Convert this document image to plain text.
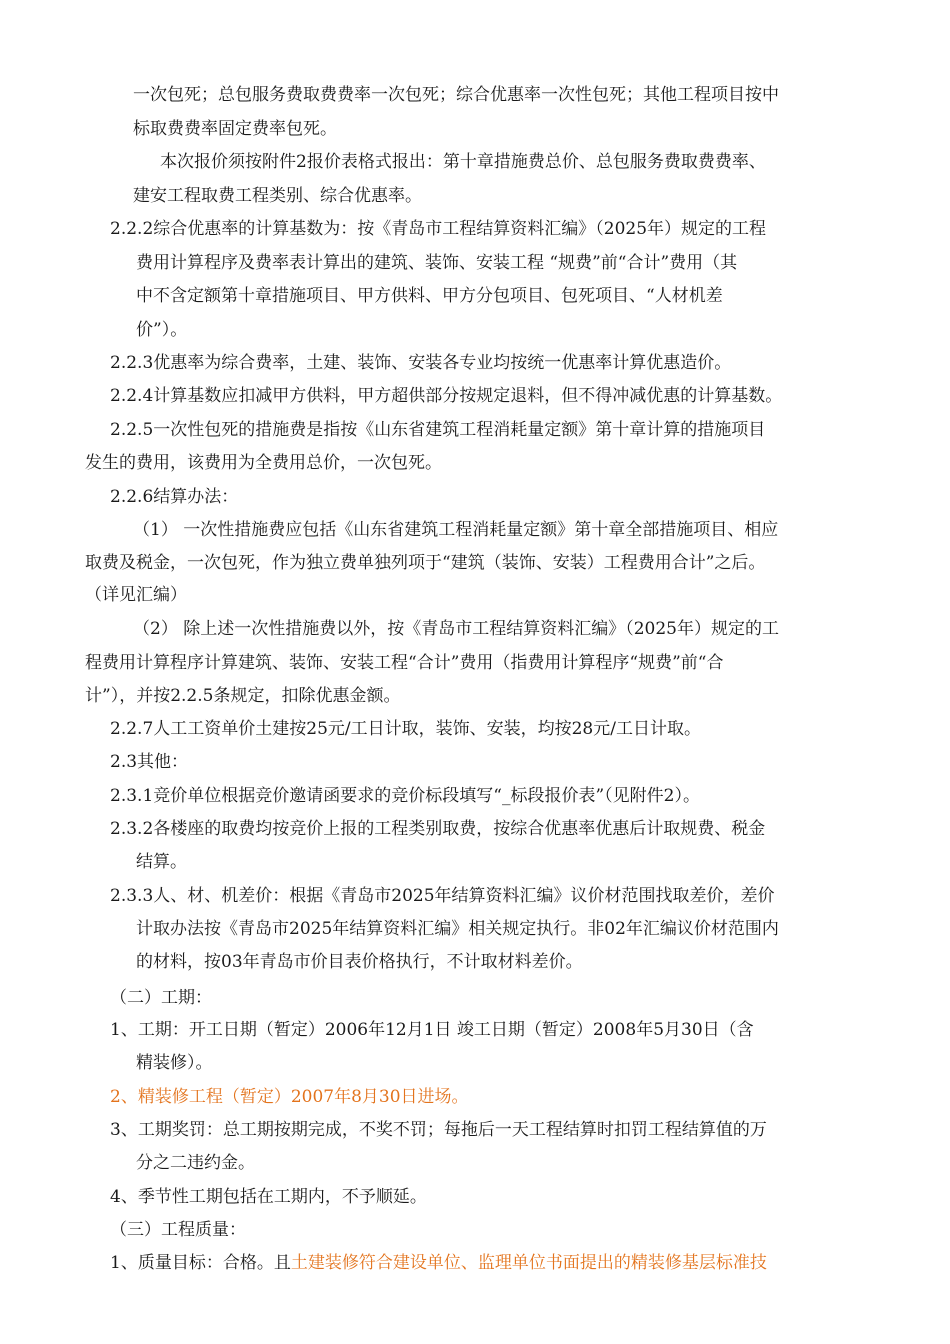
一次包死；总包服务费取费费率一次包死；综合优惠率一次性包死；其他工程项目按中

标取费费率固定费率包死。

本次报价须按附件2报价表格式报出：第十章措施费总价、总包服务费取费费率、

建安工程取费工程类别、综合优惠率。

2.2.2综合优惠率的计算基数为：按《青岛市工程结算资料汇编》（2025年）规定的工程

费用计算程序及费率表计算出的建筑、装饰、安装工程 “规费”前“合计”费用（其

中不含定额第十章措施项目、甲方供料、甲方分包项目、包死项目、“人材机差

价”）。

2.2.3优惠率为综合费率，土建、装饰、安装各专业均按统一优惠率计算优惠造价。

2.2.4计算基数应扣减甲方供料，甲方超供部分按规定退料，但不得冲减优惠的计算基数。

2.2.5一次性包死的措施费是指按《山东省建筑工程消耗量定额》第十章计算的措施项目

发生的费用，该费用为全费用总价，一次包死。

2.2.6结算办法：

（1） 一次性措施费应包括《山东省建筑工程消耗量定额》第十章全部措施项目、相应

取费及税金，一次包死，作为独立费单独列项于“建筑（装饰、安装）工程费用合计”之后。

（详见汇编）

（2） 除上述一次性措施费以外，按《青岛市工程结算资料汇编》（2025年）规定的工

程费用计算程序计算建筑、装饰、安装工程“合计”费用（指费用计算程序“规费”前“合

计”），并按2.2.5条规定，扣除优惠金额。

2.2.7人工工资单价土建按25元/工日计取，装饰、安装，均按28元/工日计取。

2.3其他：

2.3.1竞价单位根据竞价邀请函要求的竞价标段填写“_标段报价表”（见附件2）。

2.3.2各楼座的取费均按竞价上报的工程类别取费，按综合优惠率优惠后计取规费、税金

结算。

2.3.3人、材、机差价：根据《青岛市2025年结算资料汇编》议价材范围找取差价，差价

计取办法按《青岛市2025年结算资料汇编》相关规定执行。非02年汇编议价材范围内

的材料，按03年青岛市价目表价格执行，不计取材料差价。

（二）工期：

1、工期：开工日期（暂定）2006年12月1日 竣工日期（暂定）2008年5月30日（含

精装修）。

2、精装修工程（暂定）2007年8月30日进场。

3、工期奖罚：总工期按期完成，不奖不罚；每拖后一天工程结算时扣罚工程结算值的万

分之二违约金。

4、季节性工期包括在工期内，不予顺延。

（三）工程质量：

1、质量目标：合格。且土建装修符合建设单位、监理单位书面提出的精装修基层标准技
